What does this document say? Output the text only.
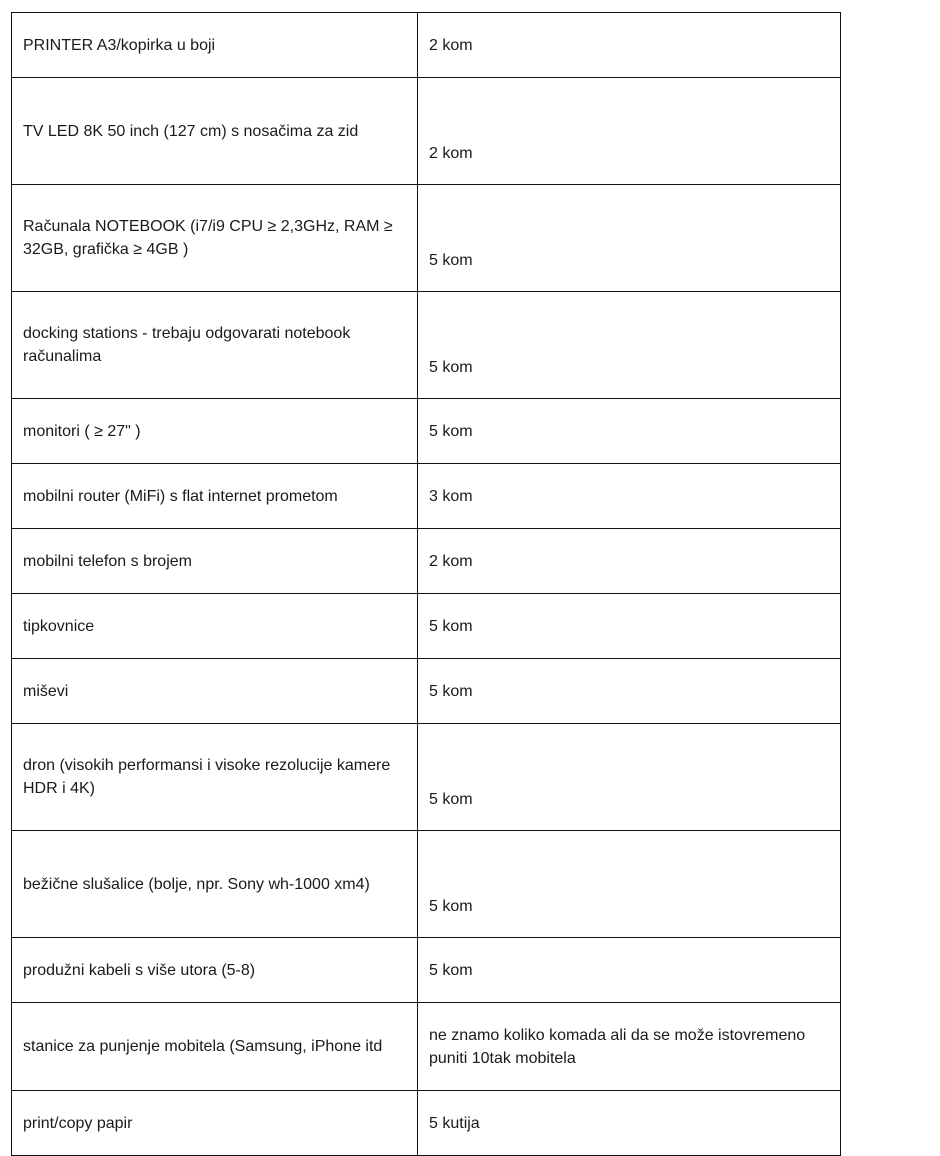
PRINTER A3/kopirka u boji	2 kom
TV LED 8K 50 inch (127 cm) s nosačima za zid	2 kom
Računala NOTEBOOK (i7/i9 CPU ≥ 2,3GHz, RAM ≥ 32GB, grafička ≥ 4GB )	5 kom
docking stations - trebaju odgovarati notebook računalima	5 kom
monitori ( ≥ 27" )	5 kom
mobilni router (MiFi) s flat internet prometom	3 kom
mobilni telefon s brojem	2 kom
tipkovnice	5 kom
miševi	5 kom
dron (visokih performansi i visoke rezolucije kamere HDR i 4K)	5 kom
bežične slušalice (bolje, npr. Sony wh-1000 xm4)	5 kom
produžni kabeli s više utora (5-8)	5 kom
stanice za punjenje mobitela (Samsung, iPhone itd	ne znamo koliko komada ali da se može istovremeno puniti 10tak mobitela
print/copy papir	5 kutija
